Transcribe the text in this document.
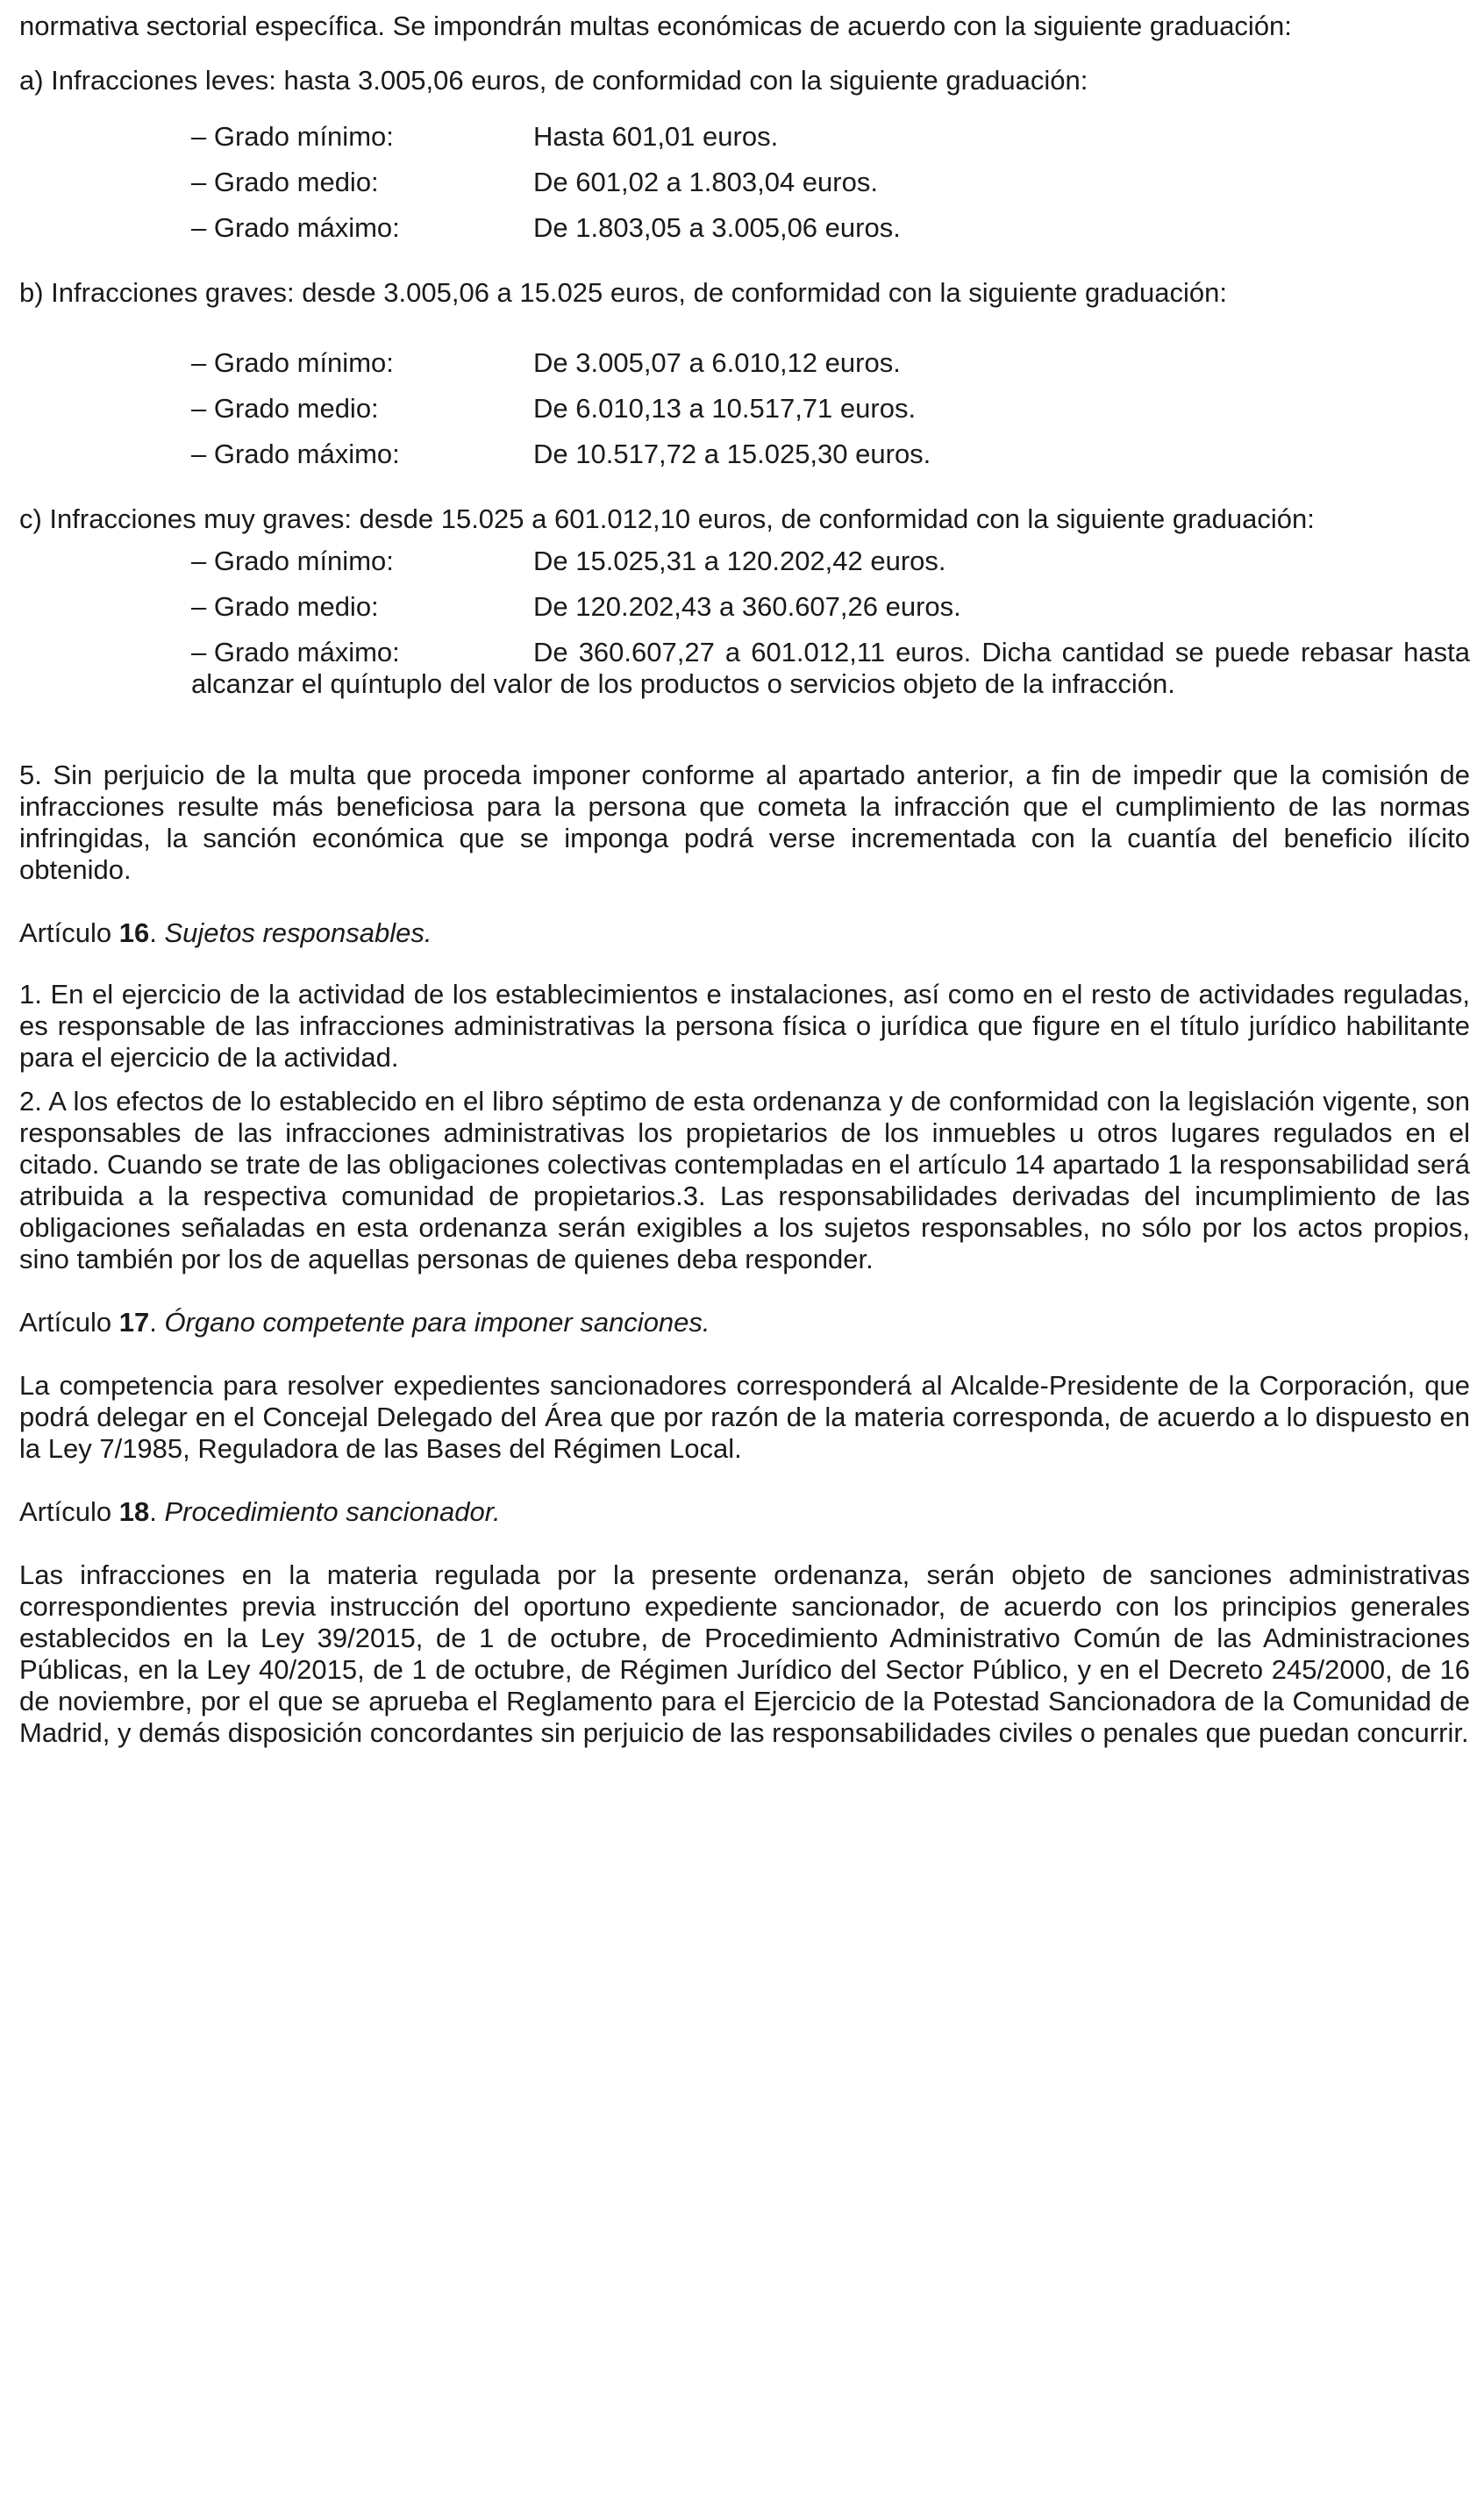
normativa sectorial específica. Se impondrán multas económicas de acuerdo con la siguiente graduación:

a) Infracciones leves: hasta 3.005,06 euros, de conformidad con la siguiente graduación:

– Grado mínimo:	Hasta 601,01 euros.
– Grado medio:	De 601,02 a 1.803,04 euros.
– Grado máximo:	De 1.803,05 a 3.005,06 euros.

b) Infracciones graves: desde 3.005,06 a 15.025 euros, de conformidad con la siguiente graduación:

– Grado mínimo:	De 3.005,07 a 6.010,12 euros.
– Grado medio:	De 6.010,13 a 10.517,71 euros.
– Grado máximo:	De 10.517,72 a 15.025,30 euros.

c) Infracciones muy graves: desde 15.025 a 601.012,10 euros, de conformidad con la siguiente graduación:

– Grado mínimo:	De 15.025,31 a 120.202,42 euros.
– Grado medio:	De 120.202,43 a 360.607,26 euros.

– Grado máximo:	De 360.607,27 a 601.012,11 euros. Dicha cantidad se puede rebasar hasta alcanzar el quíntuplo del valor de los productos o servicios objeto de la infracción.

5. Sin perjuicio de la multa que proceda imponer conforme al apartado anterior, a fin de impedir que la comisión de infracciones resulte más beneficiosa para la persona que cometa la infracción que el cumplimiento de las normas infringidas, la sanción económica que se imponga podrá verse incrementada con la cuantía del beneficio ilícito obtenido.

Artículo 16. Sujetos responsables.

1. En el ejercicio de la actividad de los establecimientos e instalaciones, así como en el resto de actividades reguladas, es responsable de las infracciones administrativas la persona física o jurídica que figure en el título jurídico habilitante para el ejercicio de la actividad.

2. A los efectos de lo establecido en el libro séptimo de esta ordenanza y de conformidad con la legislación vigente, son responsables de las infracciones administrativas los propietarios de los inmuebles u otros lugares regulados en el citado. Cuando se trate de las obligaciones colectivas contempladas en el artículo 14 apartado 1 la responsabilidad será atribuida a la respectiva comunidad de propietarios.3. Las responsabilidades derivadas del incumplimiento de las obligaciones señaladas en esta ordenanza serán exigibles a los sujetos responsables, no sólo por los actos propios, sino también por los de aquellas personas de quienes deba responder.

Artículo 17. Órgano competente para imponer sanciones.

La competencia para resolver expedientes sancionadores corresponderá al Alcalde-Presidente de la Corporación, que podrá delegar en el Concejal Delegado del Área que por razón de la materia corresponda, de acuerdo a lo dispuesto en la Ley 7/1985, Reguladora de las Bases del Régimen Local.

Artículo 18. Procedimiento sancionador.

Las infracciones en la materia regulada por la presente ordenanza, serán objeto de sanciones administrativas correspondientes previa instrucción del oportuno expediente sancionador, de acuerdo con los principios generales establecidos en la Ley 39/2015, de 1 de octubre, de Procedimiento Administrativo Común de las Administraciones Públicas, en la Ley 40/2015, de 1 de octubre, de Régimen Jurídico del Sector Público, y en el Decreto 245/2000, de 16 de noviembre, por el que se aprueba el Reglamento para el Ejercicio de la Potestad Sancionadora de la Comunidad de Madrid, y demás disposición concordantes sin perjuicio de las responsabilidades civiles o penales que puedan concurrir.
